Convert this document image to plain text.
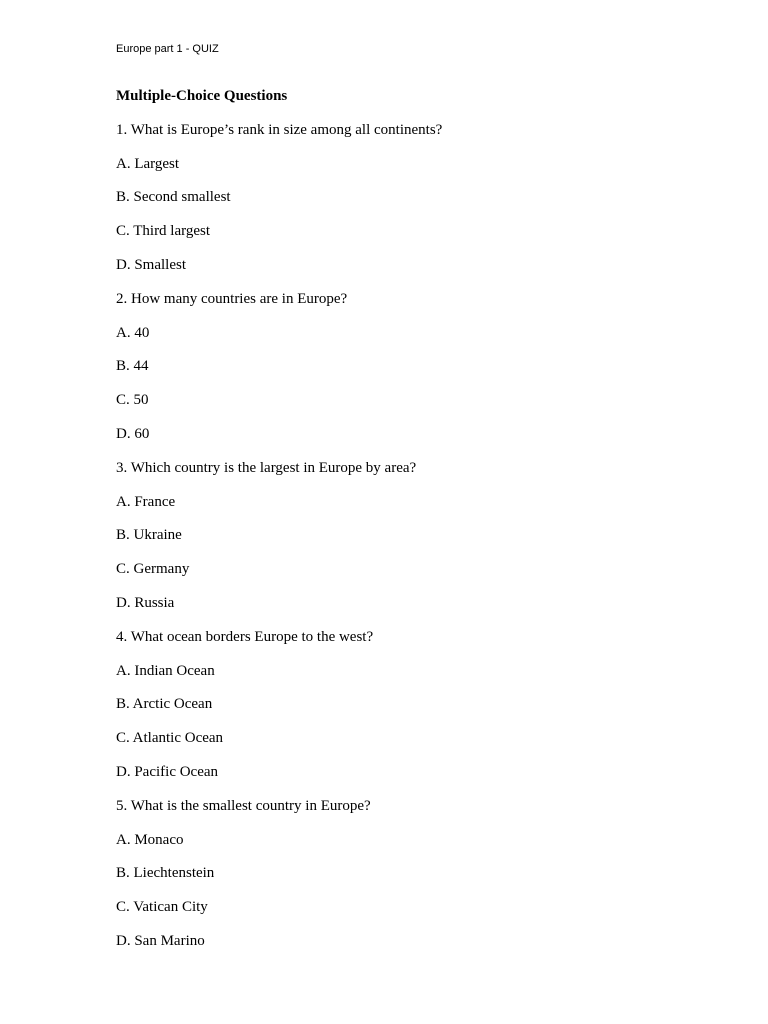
Europe part 1 - QUIZ
Multiple-Choice Questions
1. What is Europe’s rank in size among all continents?
A. Largest
B. Second smallest
C. Third largest
D. Smallest
2. How many countries are in Europe?
A. 40
B. 44
C. 50
D. 60
3. Which country is the largest in Europe by area?
A. France
B. Ukraine
C. Germany
D. Russia
4. What ocean borders Europe to the west?
A. Indian Ocean
B. Arctic Ocean
C. Atlantic Ocean
D. Pacific Ocean
5. What is the smallest country in Europe?
A. Monaco
B. Liechtenstein
C. Vatican City
D. San Marino
